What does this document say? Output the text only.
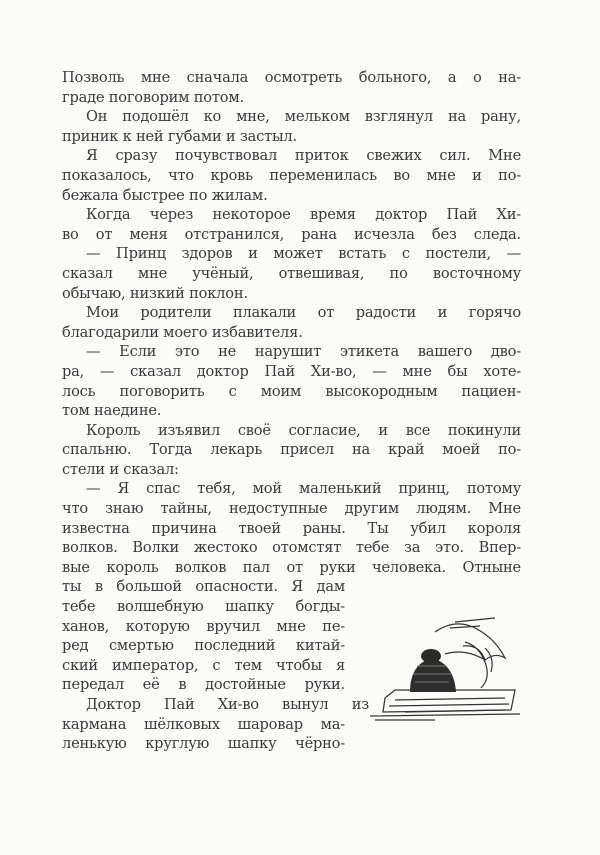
Позволь мне сначала осмотреть больного, а о на-
граде поговорим потом.
Он подошёл ко мне, мельком взглянул на рану,
приник к ней губами и застыл.
Я сразу почувствовал приток свежих сил. Мне
показалось, что кровь переменилась во мне и по-
бежала быстрее по жилам.
Когда через некоторое время доктор Пай Хи-
во от меня отстранился, рана исчезла без следа.
— Принц здоров и может встать с постели, —
сказал мне учёный, отвешивая, по восточному
обычаю, низкий поклон.
Мои родители плакали от радости и горячо
благодарили моего избавителя.
— Если это не нарушит этикета вашего дво-
ра, — сказал доктор Пай Хи-во, — мне бы хоте-
лось поговорить с моим высокородным пациен-
том наедине.
Король изъявил своё согласие, и все покинули
спальню. Тогда лекарь присел на край моей по-
стели и сказал:
— Я спас тебя, мой маленький принц, потому
что знаю тайны, недоступные другим людям. Мне
известна причина твоей раны. Ты убил короля
волков. Волки жестоко отомстят тебе за это. Впер-
вые король волков пал от руки человека. Отныне
ты в большой опасности. Я дам
тебе волшебную шапку богды-
ханов, которую вручил мне пе-
ред смертью последний китай-
ский император, с тем чтобы я
передал её в достойные руки.
Доктор Пай Хи-во вынул из
кармана шёлковых шаровар ма-
ленькую круглую шапку чёрно-
